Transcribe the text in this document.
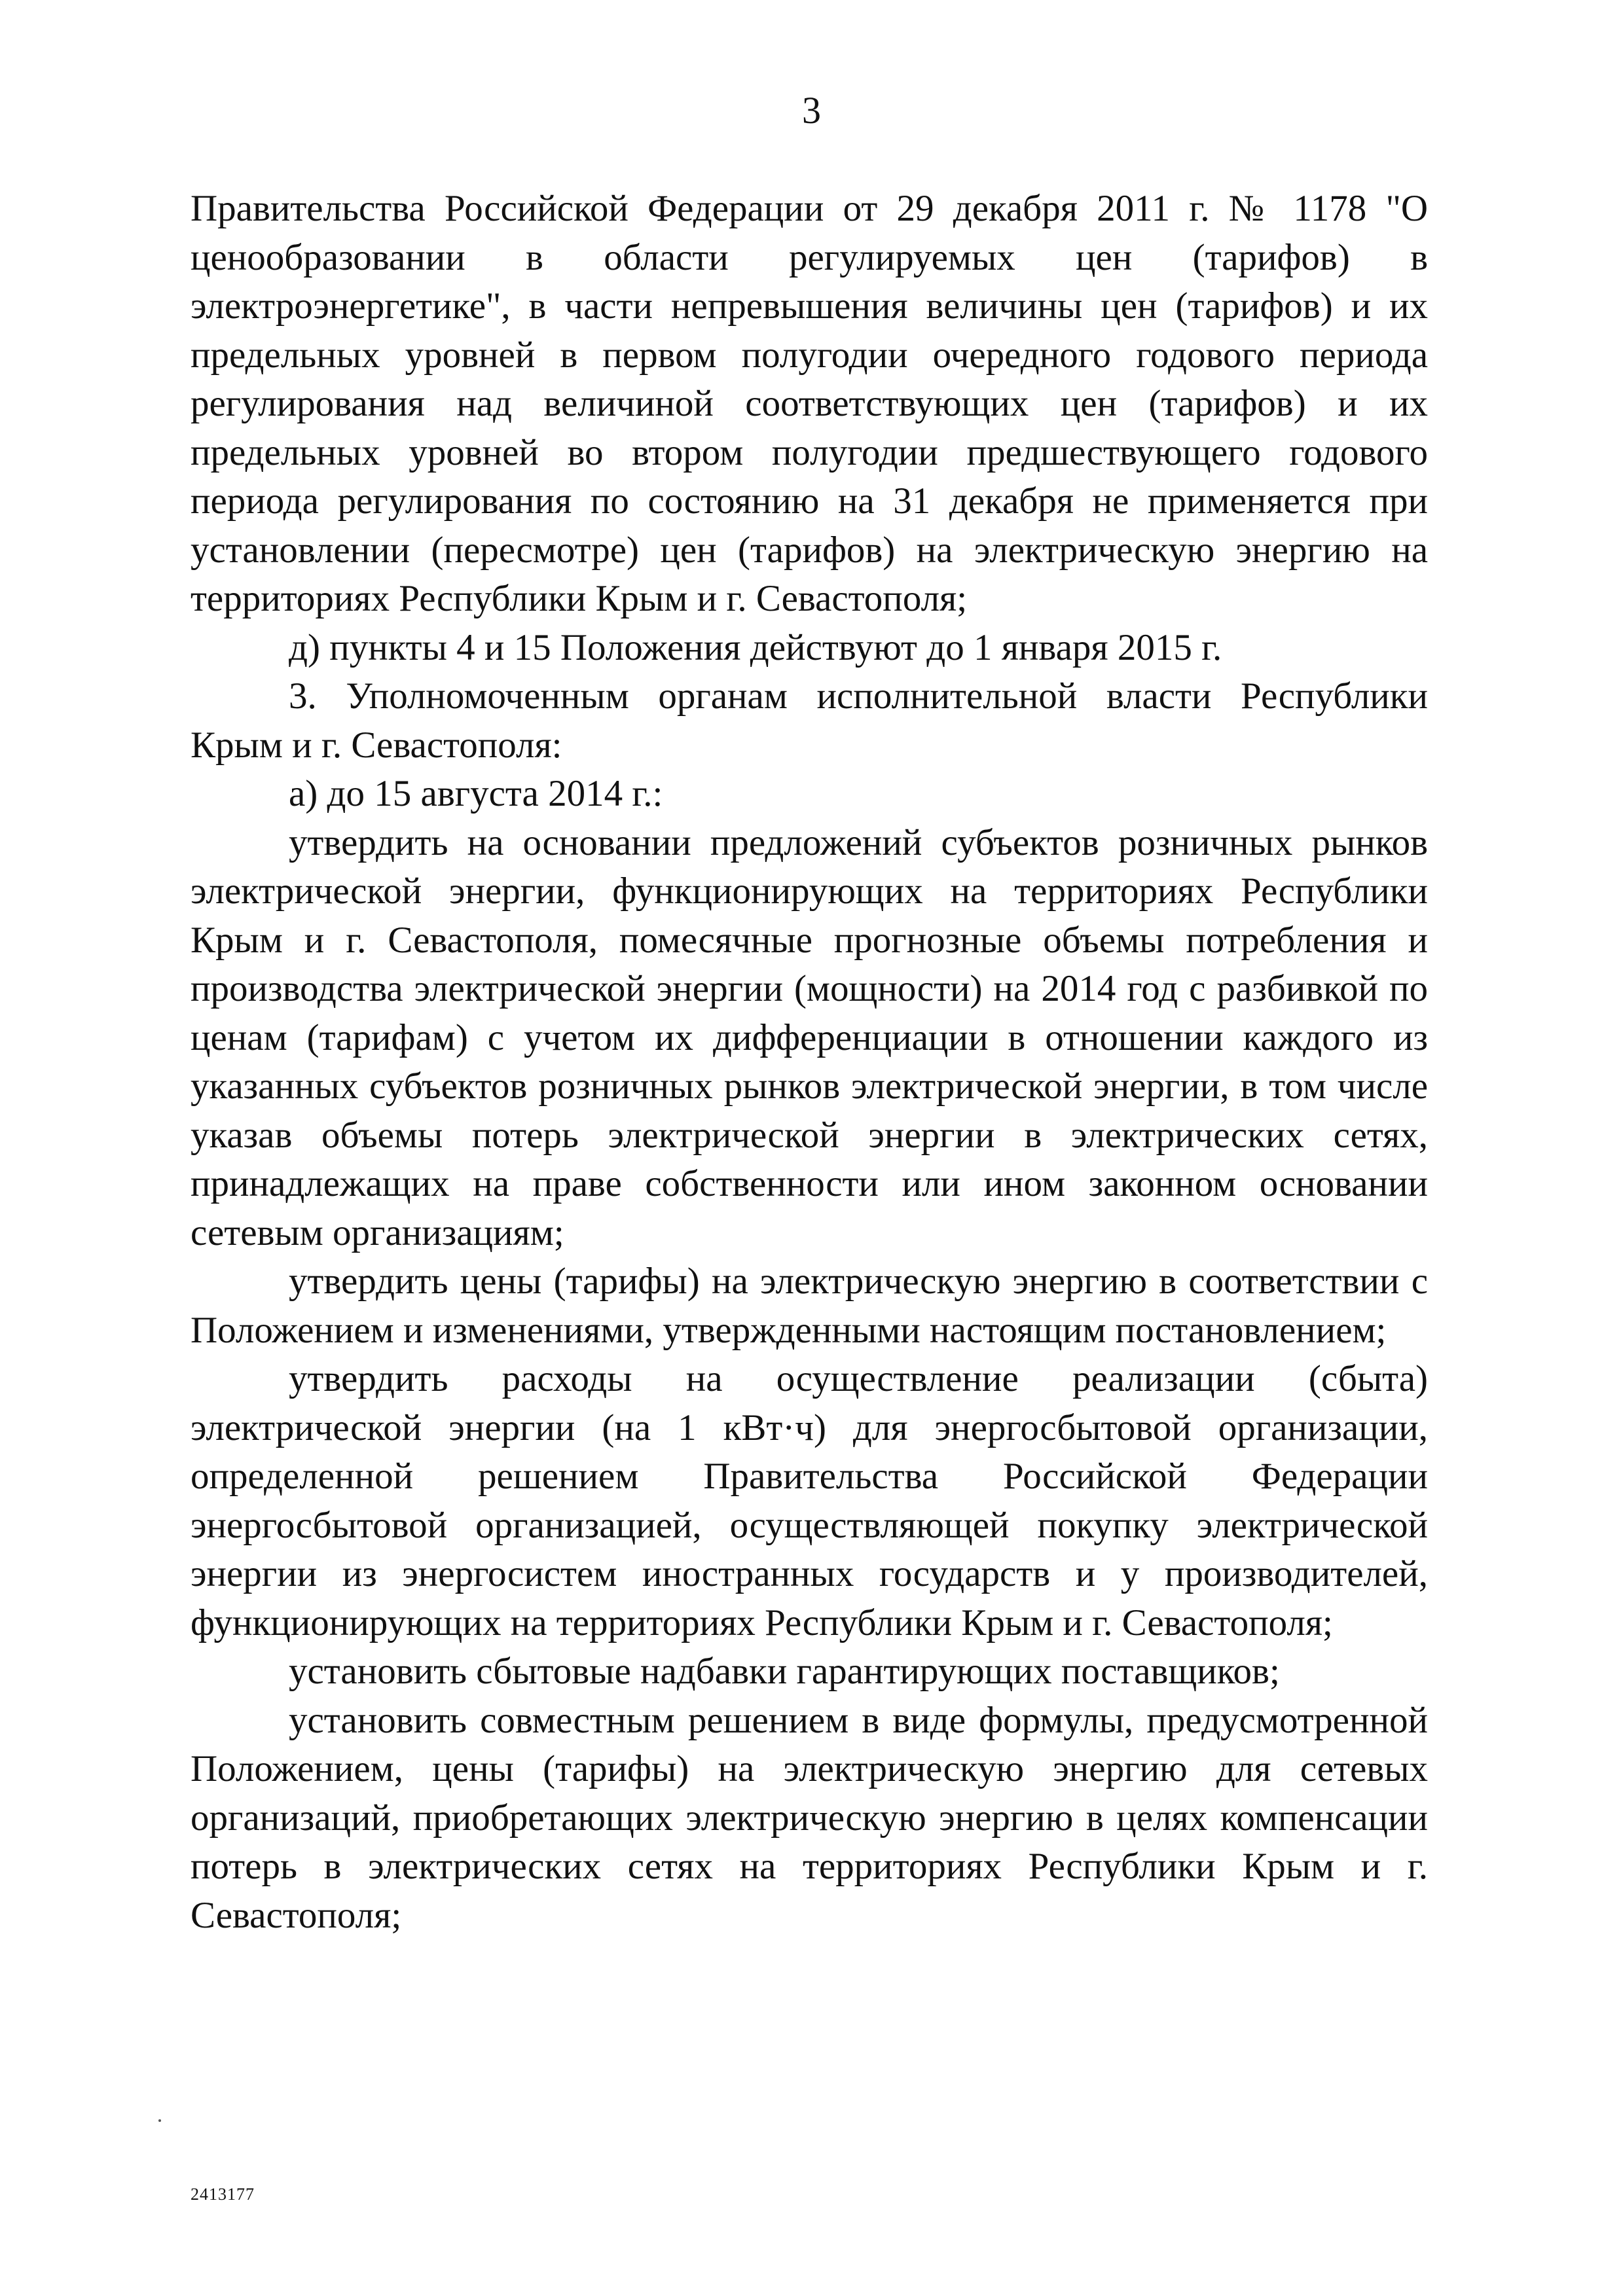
3

Правительства Российской Федерации от 29 декабря 2011 г. № 1178 "О ценообразовании в области регулируемых цен (тарифов) в электроэнергетике", в части непревышения величины цен (тарифов) и их предельных уровней в первом полугодии очередного годового периода регулирования над величиной соответствующих цен (тарифов) и их предельных уровней во втором полугодии предшествующего годового периода регулирования по состоянию на 31 декабря не применяется при установлении (пересмотре) цен (тарифов) на электрическую энергию на территориях Республики Крым и г. Севастополя;

д) пункты 4 и 15 Положения действуют до 1 января 2015 г.

3. Уполномоченным органам исполнительной власти Республики Крым и г. Севастополя:

а) до 15 августа 2014 г.:

утвердить на основании предложений субъектов розничных рынков электрической энергии, функционирующих на территориях Республики Крым и г. Севастополя, помесячные прогнозные объемы потребления и производства электрической энергии (мощности) на 2014 год с разбивкой по ценам (тарифам) с учетом их дифференциации в отношении каждого из указанных субъектов розничных рынков электрической энергии, в том числе указав объемы потерь электрической энергии в электрических сетях, принадлежащих на праве собственности или ином законном основании сетевым организациям;

утвердить цены (тарифы) на электрическую энергию в соответствии с Положением и изменениями, утвержденными настоящим постановлением;

утвердить расходы на осуществление реализации (сбыта) электрической энергии (на 1 кВт·ч) для энергосбытовой организации, определенной решением Правительства Российской Федерации энергосбытовой организацией, осуществляющей покупку электрической энергии из энергосистем иностранных государств и у производителей, функционирующих на территориях Республики Крым и г. Севастополя;

установить сбытовые надбавки гарантирующих поставщиков;

установить совместным решением в виде формулы, предусмотренной Положением, цены (тарифы) на электрическую энергию для сетевых организаций, приобретающих электрическую энергию в целях компенсации потерь в электрических сетях на территориях Республики Крым и г. Севастополя;

2413177
